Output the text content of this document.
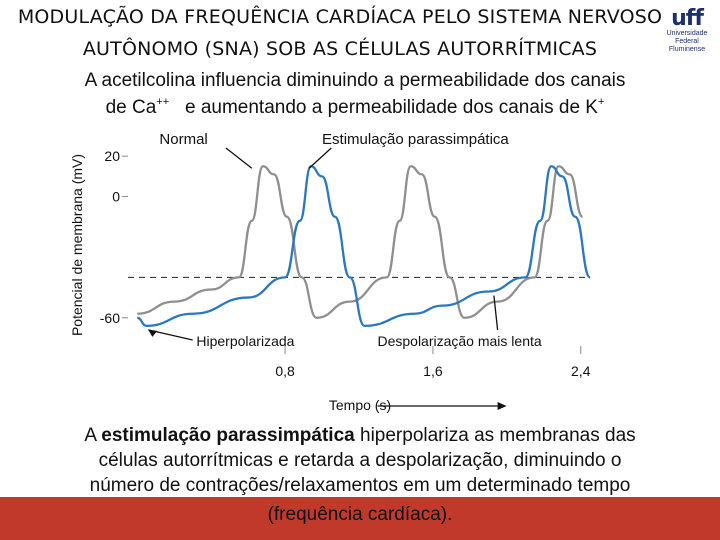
MODULAÇÃO DA FREQUÊNCIA CARDÍACA PELO SISTEMA NERVOSO
AUTÔNOMO (SNA) SOB AS CÉLULAS AUTORRÍTMICAS
uff
Universidade
Federal
Fluminense
A acetilcolina influencia diminuindo a permeabilidade dos canais
de Ca++ e aumentando a permeabilidade dos canais de K+
20
0
-60
0,8	1,6	2,4
Normal	Estimulação parassimpática
Hiperpolarizada	Despolarização mais lenta
Potencial de membrana (mV)
Tempo (s)
A estimulação parassimpática hiperpolariza as membranas das
células autorrítmicas e retarda a despolarização, diminuindo o
número de contrações/relaxamentos em um determinado tempo
(frequência cardíaca).
